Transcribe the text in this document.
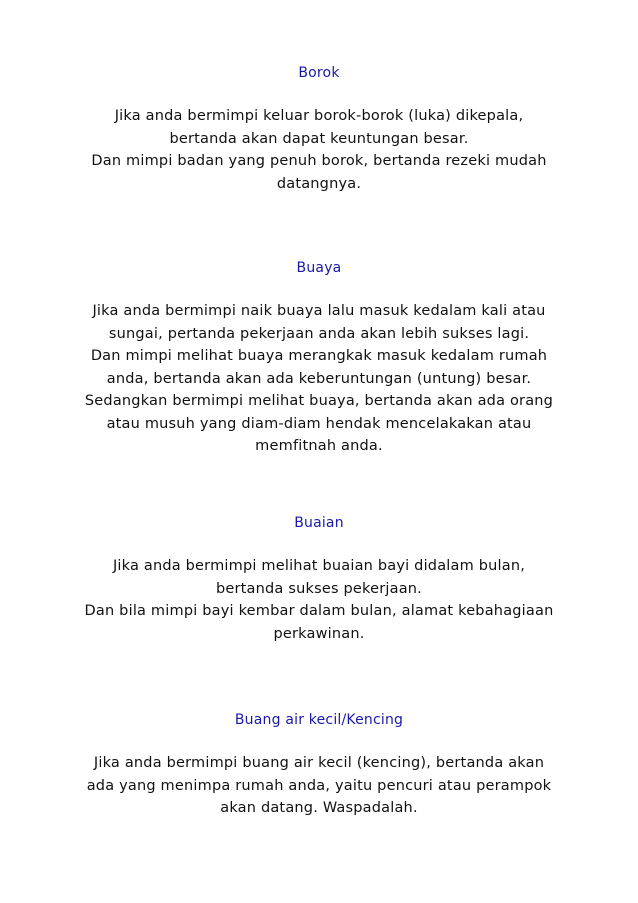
Borok

Jika anda bermimpi keluar borok-borok (luka) dikepala,
bertanda akan dapat keuntungan besar.
Dan mimpi badan yang penuh borok, bertanda rezeki mudah
datangnya.

Buaya

Jika anda bermimpi naik buaya lalu masuk kedalam kali atau
sungai, pertanda pekerjaan anda akan lebih sukses lagi.
Dan mimpi melihat buaya merangkak masuk kedalam rumah
anda, bertanda akan ada keberuntungan (untung) besar.
Sedangkan bermimpi melihat buaya, bertanda akan ada orang
atau musuh yang diam-diam hendak mencelakakan atau
memfitnah anda.

Buaian

Jika anda bermimpi melihat buaian bayi didalam bulan,
bertanda sukses pekerjaan.
Dan bila mimpi bayi kembar dalam bulan, alamat kebahagiaan
perkawinan.

Buang air kecil/Kencing

Jika anda bermimpi buang air kecil (kencing), bertanda akan
ada yang menimpa rumah anda, yaitu pencuri atau perampok
akan datang. Waspadalah.
